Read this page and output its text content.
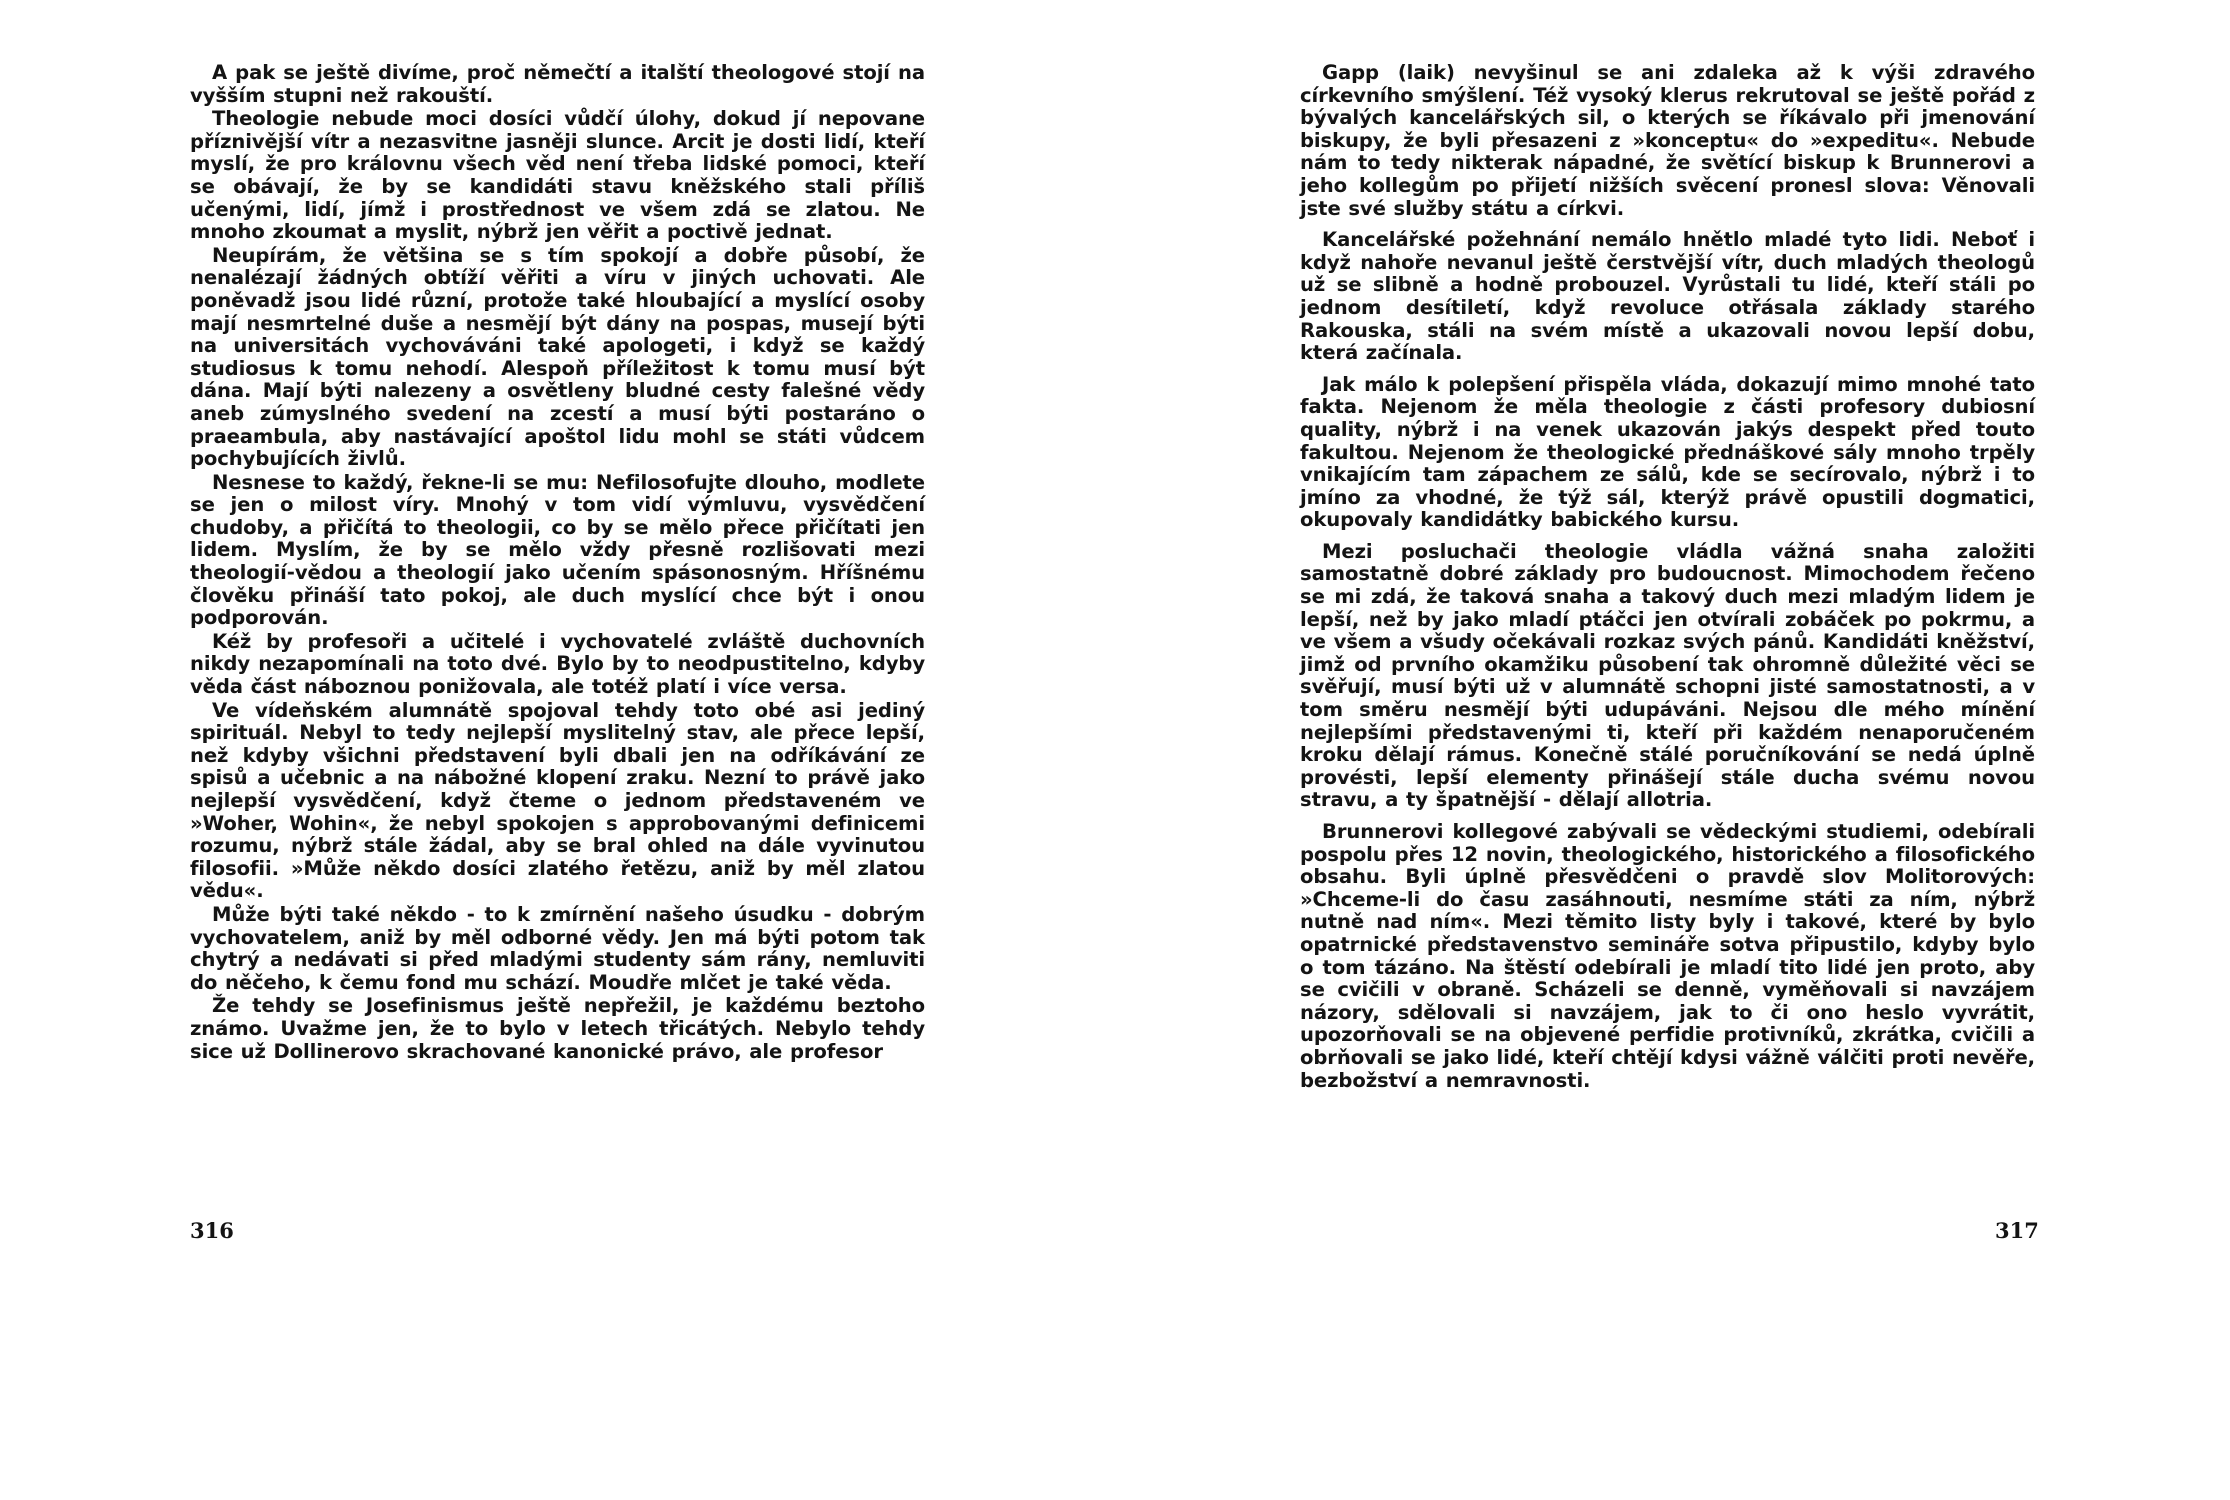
A pak se ještě divíme, proč němečtí a italští theologové stojí na vyšším stupni než rakouští.

Theologie nebude moci dosíci vůdčí úlohy, dokud jí nepovane příznivější vítr a nezasvitne jasněji slunce. Arcit je dosti lidí, kteří myslí, že pro královnu všech věd není třeba lidské pomoci, kteří se obávají, že by se kandidáti stavu kněžského stali příliš učenými, lidí, jímž i prostřednost ve všem zdá se zlatou. Ne mnoho zkoumat a myslit, nýbrž jen věřit a poctivě jednat.

Neupírám, že většina se s tím spokojí a dobře působí, že nenalézají žádných obtíží věřiti a víru v jiných uchovati. Ale poněvadž jsou lidé různí, protože také hloubající a myslící osoby mají nesmrtelné duše a nesmějí být dány na pospas, musejí býti na universitách vychováváni také apologeti, i když se každý studiosus k tomu nehodí. Alespoň příležitost k tomu musí být dána. Mají býti nalezeny a osvětleny bludné cesty falešné vědy aneb zúmyslného svedení na zcestí a musí býti postaráno o praeambula, aby nastávající apoštol lidu mohl se státi vůdcem pochybujících živlů.

Nesnese to každý, řekne-li se mu: Nefilosofujte dlouho, modlete se jen o milost víry. Mnohý v tom vidí výmluvu, vysvědčení chudoby, a přičítá to theologii, co by se mělo přece přičítati jen lidem. Myslím, že by se mělo vždy přesně rozlišovati mezi theologií-vědou a theologií jako učením spásonosným. Hříšnému člověku přináší tato pokoj, ale duch myslící chce být i onou podporován.

Kéž by profesoři a učitelé i vychovatelé zvláště duchovních nikdy nezapomínali na toto dvé. Bylo by to neodpustitelno, kdyby věda část náboznou ponižovala, ale totéž platí i více versa.

Ve vídeňském alumnátě spojoval tehdy toto obé asi jediný spirituál. Nebyl to tedy nejlepší myslitelný stav, ale přece lepší, než kdyby všichni představení byli dbali jen na odříkávání ze spisů a učebnic a na nábožné klopení zraku. Nezní to právě jako nejlepší vysvědčení, když čteme o jednom představeném ve »Woher, Wohin«, že nebyl spokojen s approbovanými definicemi rozumu, nýbrž stále žádal, aby se bral ohled na dále vyvinutou filosofii. »Může někdo dosíci zlatého řetězu, aniž by měl zlatou vědu«.

Může býti také někdo - to k zmírnění našeho úsudku - dobrým vychovatelem, aniž by měl odborné vědy. Jen má býti potom tak chytrý a nedávati si před mladými studenty sám rány, nemluviti do něčeho, k čemu fond mu schází. Moudře mlčet je také věda.

Že tehdy se Josefinismus ještě nepřežil, je každému beztoho známo. Uvažme jen, že to bylo v letech třicátých. Nebylo tehdy sice už Dollinerovo skrachované kanonické právo, ale profesor

316

Gapp (laik) nevyšinul se ani zdaleka až k výši zdravého církevního smýšlení. Též vysoký klerus rekrutoval se ještě pořád z bývalých kancelářských sil, o kterých se říkávalo při jmenování biskupy, že byli přesazeni z »konceptu« do »expeditu«. Nebude nám to tedy nikterak nápadné, že světící biskup k Brunnerovi a jeho kollegům po přijetí nižších svěcení pronesl slova: Věnovali jste své služby státu a církvi.

Kancelářské požehnání nemálo hnětlo mladé tyto lidi. Neboť i když nahoře nevanul ještě čerstvější vítr, duch mladých theologů už se slibně a hodně probouzel. Vyrůstali tu lidé, kteří stáli po jednom desítiletí, když revoluce otřásala základy starého Rakouska, stáli na svém místě a ukazovali novou lepší dobu, která začínala.

Jak málo k polepšení přispěla vláda, dokazují mimo mnohé tato fakta. Nejenom že měla theologie z části profesory dubiosní quality, nýbrž i na venek ukazován jakýs despekt před touto fakultou. Nejenom že theologické přednáškové sály mnoho trpěly vnikajícím tam zápachem ze sálů, kde se secírovalo, nýbrž i to jmíno za vhodné, že týž sál, kterýž právě opustili dogmatici, okupovaly kandidátky babického kursu.

Mezi posluchači theologie vládla vážná snaha založiti samostatně dobré základy pro budoucnost. Mimochodem řečeno se mi zdá, že taková snaha a takový duch mezi mladým lidem je lepší, než by jako mladí ptáčci jen otvírali zobáček po pokrmu, a ve všem a všudy očekávali rozkaz svých pánů. Kandidáti kněžství, jimž od prvního okamžiku působení tak ohromně důležité věci se svěřují, musí býti už v alumnátě schopni jisté samostatnosti, a v tom směru nesmějí býti udupáváni. Nejsou dle mého mínění nejlepšími představenými ti, kteří při každém nenaporučeném kroku dělají rámus. Konečně stálé poručníkování se nedá úplně provésti, lepší elementy přinášejí stále ducha svému novou stravu, a ty špatnější - dělají allotria.

Brunnerovi kollegové zabývali se vědeckými studiemi, odebírali pospolu přes 12 novin, theologického, historického a filosofického obsahu. Byli úplně přesvědčeni o pravdě slov Molitorových: »Chceme-li do času zasáhnouti, nesmíme státi za ním, nýbrž nutně nad ním«. Mezi těmito listy byly i takové, které by bylo opatrnické představenstvo semináře sotva připustilo, kdyby bylo o tom tázáno. Na štěstí odebírali je mladí tito lidé jen proto, aby se cvičili v obraně. Scházeli se denně, vyměňovali si navzájem názory, sdělovali si navzájem, jak to či ono heslo vyvrátit, upozorňovali se na objevené perfidie protivníků, zkrátka, cvičili a obrňovali se jako lidé, kteří chtějí kdysi vážně válčiti proti nevěře, bezbožství a nemravnosti.

317
